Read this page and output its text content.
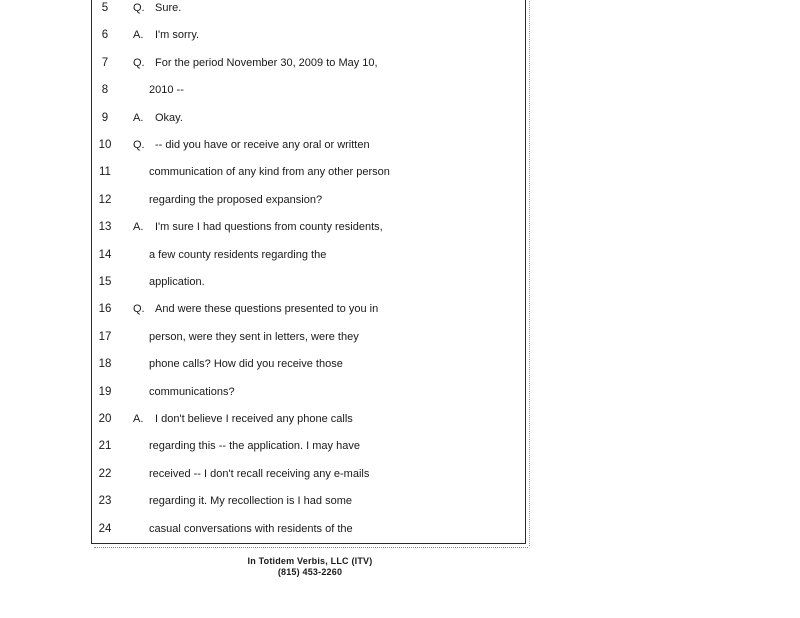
5	Q. Sure.
6	A. I'm sorry.
7	Q. For the period November 30, 2009 to May 10,
8	2010 --
9	A. Okay.
10	Q. -- did you have or receive any oral or written
11	communication of any kind from any other person
12	regarding the proposed expansion?
13	A. I'm sure I had questions from county residents,
14	a few county residents regarding the
15	application.
16	Q. And were these questions presented to you in
17	person, were they sent in letters, were they
18	phone calls? How did you receive those
19	communications?
20	A. I don't believe I received any phone calls
21	regarding this -- the application. I may have
22	received -- I don't recall receiving any e-mails
23	regarding it. My recollection is I had some
24	casual conversations with residents of the
In Totidem Verbis, LLC (ITV)
(815) 453-2260
